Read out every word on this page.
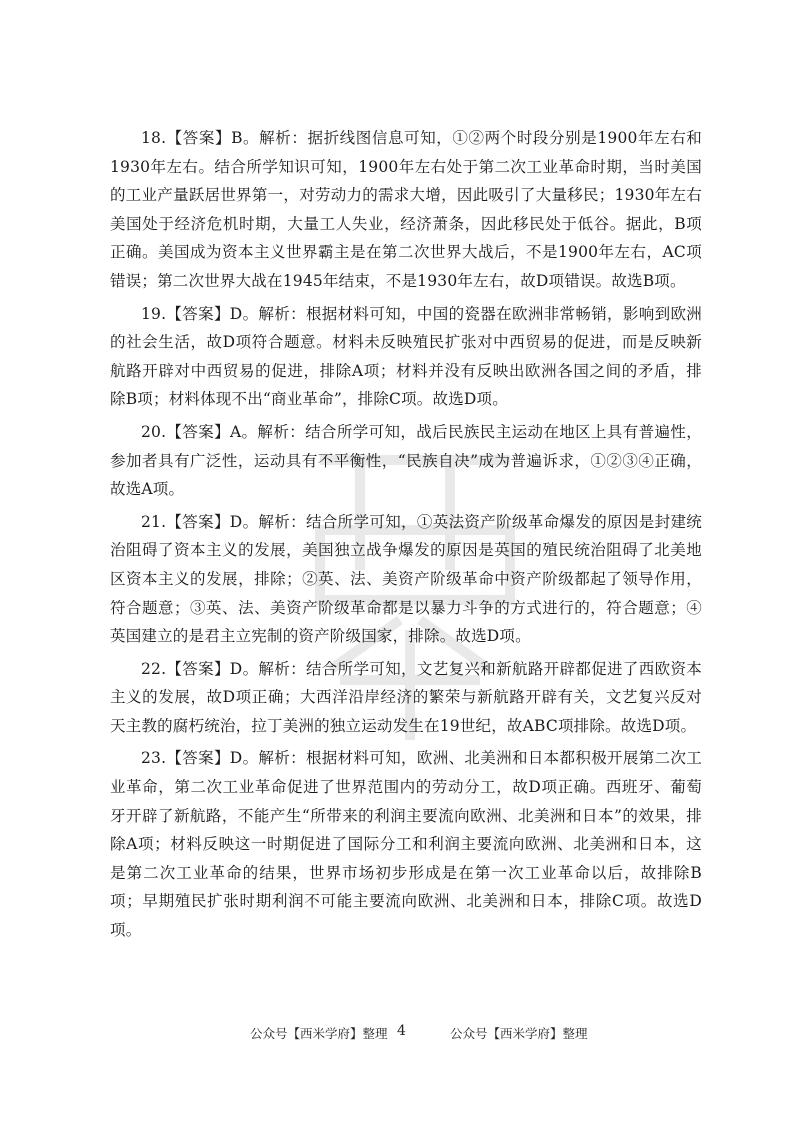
18.【答案】B。解析：据折线图信息可知，①②两个时段分别是1900年左右和1930年左右。结合所学知识可知，1900年左右处于第二次工业革命时期，当时美国的工业产量跃居世界第一，对劳动力的需求大增，因此吸引了大量移民；1930年左右美国处于经济危机时期，大量工人失业，经济萧条，因此移民处于低谷。据此，B项正确。美国成为资本主义世界霸主是在第二次世界大战后，不是1900年左右，AC项错误；第二次世界大战在1945年结束，不是1930年左右，故D项错误。故选B项。

19.【答案】D。解析：根据材料可知，中国的瓷器在欧洲非常畅销，影响到欧洲的社会生活，故D项符合题意。材料未反映殖民扩张对中西贸易的促进，而是反映新航路开辟对中西贸易的促进，排除A项；材料并没有反映出欧洲各国之间的矛盾，排除B项；材料体现不出“商业革命”，排除C项。故选D项。

20.【答案】A。解析：结合所学可知，战后民族民主运动在地区上具有普遍性，参加者具有广泛性，运动具有不平衡性，“民族自决”成为普遍诉求，①②③④正确，故选A项。

21.【答案】D。解析：结合所学可知，①英法资产阶级革命爆发的原因是封建统治阻碍了资本主义的发展，美国独立战争爆发的原因是英国的殖民统治阻碍了北美地区资本主义的发展，排除；②英、法、美资产阶级革命中资产阶级都起了领导作用，符合题意；③英、法、美资产阶级革命都是以暴力斗争的方式进行的，符合题意；④英国建立的是君主立宪制的资产阶级国家，排除。故选D项。

22.【答案】D。解析：结合所学可知，文艺复兴和新航路开辟都促进了西欧资本主义的发展，故D项正确；大西洋沿岸经济的繁荣与新航路开辟有关，文艺复兴反对天主教的腐朽统治，拉丁美洲的独立运动发生在19世纪，故ABC项排除。故选D项。

23.【答案】D。解析：根据材料可知，欧洲、北美洲和日本都积极开展第二次工业革命，第二次工业革命促进了世界范围内的劳动分工，故D项正确。西班牙、葡萄牙开辟了新航路，不能产生“所带来的利润主要流向欧洲、北美洲和日本”的效果，排除A项；材料反映这一时期促进了国际分工和利润主要流向欧洲、北美洲和日本，这是第二次工业革命的结果，世界市场初步形成是在第一次工业革命以后，故排除B项；早期殖民扩张时期利润不可能主要流向欧洲、北美洲和日本，排除C项。故选D项。

公众号【西米学府】整理 4	公众号【西米学府】整理
